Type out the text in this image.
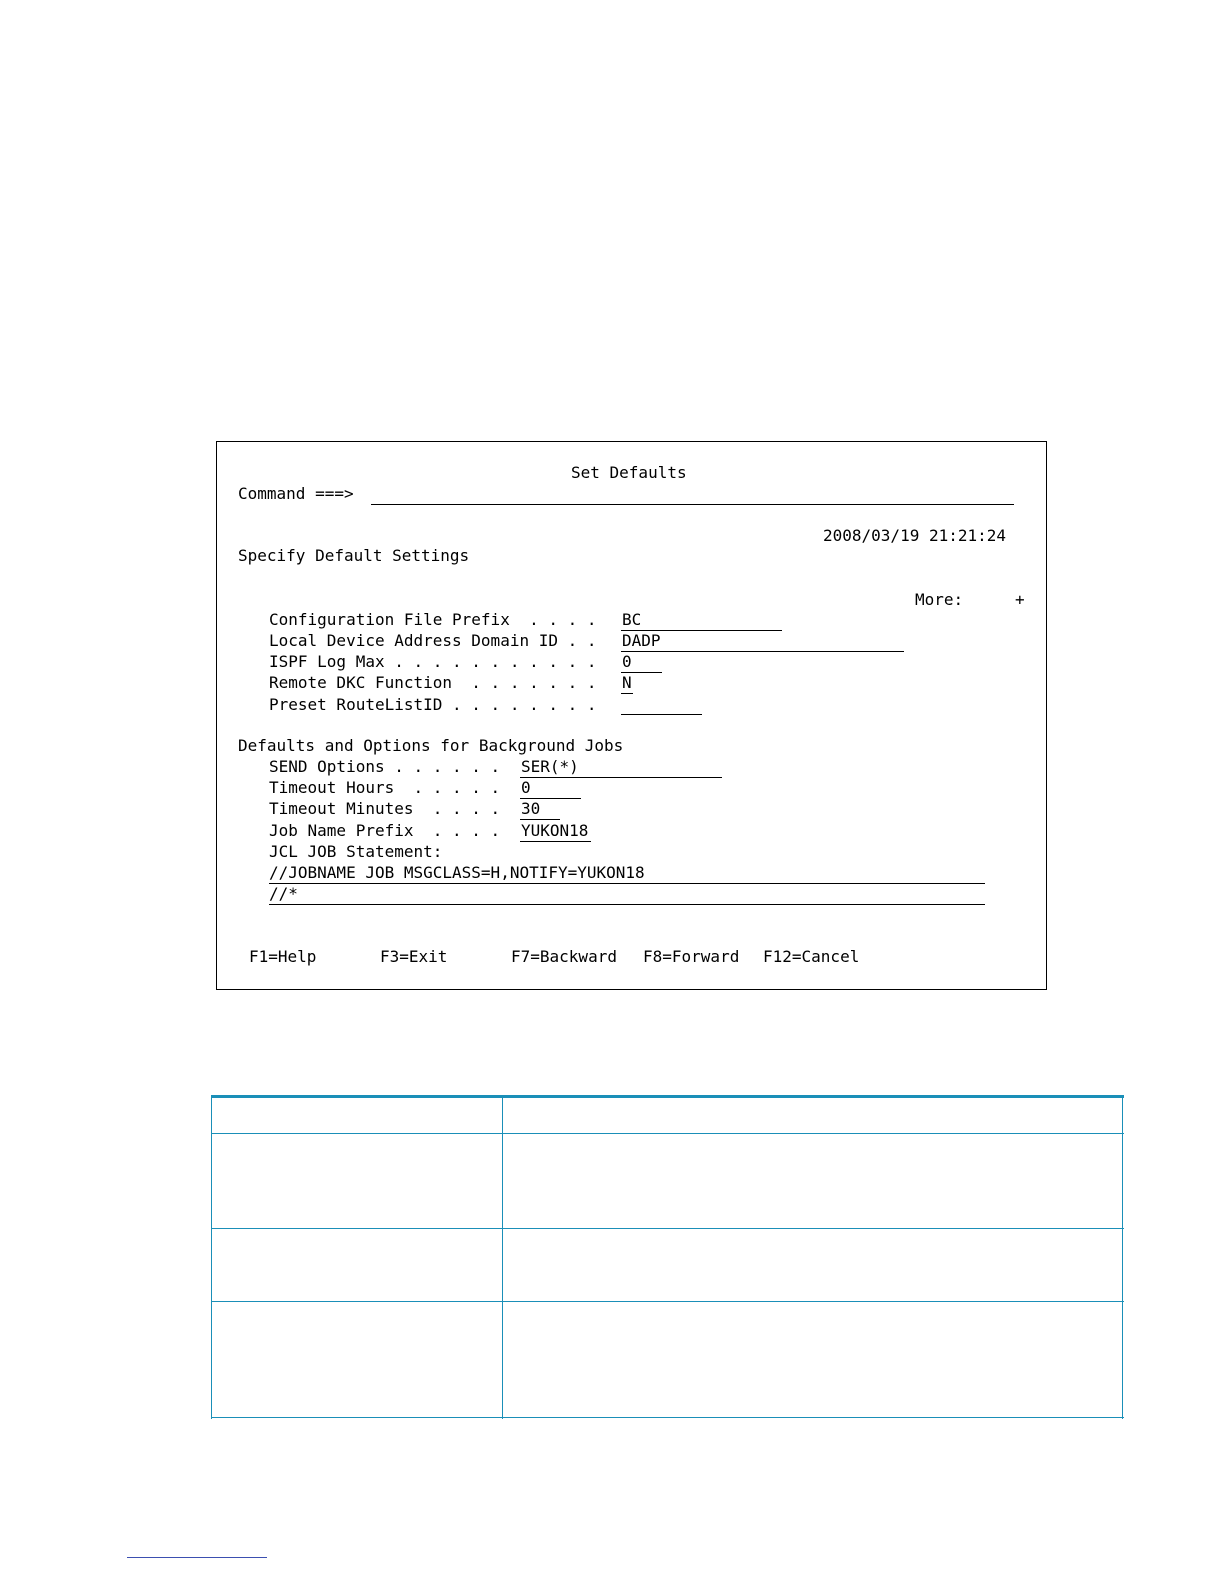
Set Defaults
Command ===>
2008/03/19 21:21:24
Specify Default Settings
More:	+
Configuration File Prefix  . . . . BC
Local Device Address Domain ID . . DADP
ISPF Log Max . . . . . . . . . . . 0
Remote DKC Function  . . . . . . . N
Preset RouteListID . . . . . . . .
Defaults and Options for Background Jobs
SEND Options . . . . . . SER(*)
Timeout Hours  . . . . . 0
Timeout Minutes  . . . . 30
Job Name Prefix  . . . . YUKON18
JCL JOB Statement:
//JOBNAME JOB MSGCLASS=H,NOTIFY=YUKON18
//*
F1=Help	F3=Exit	F7=Backward F8=Forward F12=Cancel
